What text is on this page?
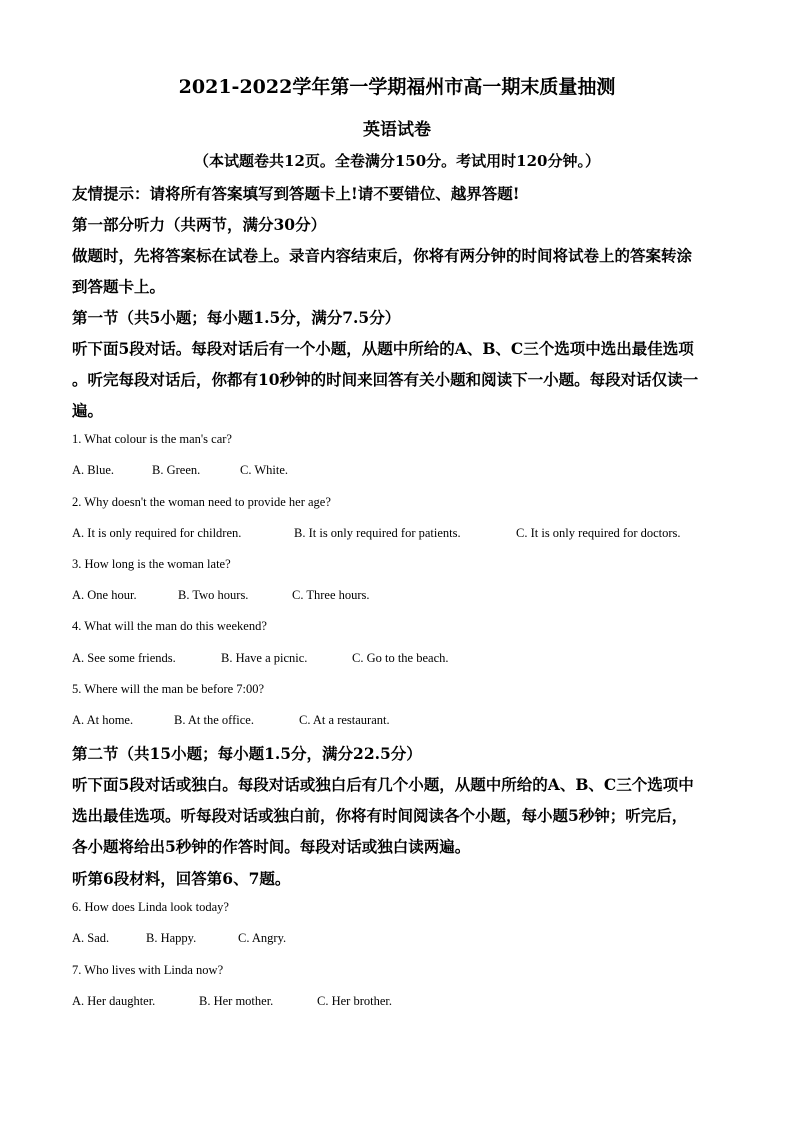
2021-2022学年第一学期福州市高一期末质量抽测
英语试卷
（本试题卷共12页。全卷满分150分。考试用时120分钟。）
友情提示：请将所有答案填写到答题卡上!请不要错位、越界答题!
第一部分听力（共两节，满分30分）
做题时，先将答案标在试卷上。录音内容结束后，你将有两分钟的时间将试卷上的答案转涂
到答题卡上。
第一节（共5小题；每小题1.5分，满分7.5分）
听下面5段对话。每段对话后有一个小题，从题中所给的A、B、C三个选项中选出最佳选项
。听完每段对话后，你都有10秒钟的时间来回答有关小题和阅读下一小题。每段对话仅读一
遍。
1. What colour is the man's car?
A. Blue.	B. Green.	C. White.
2. Why doesn't the woman need to provide her age?
A. It is only required for children.	B. It is only required for patients.	C. It is only required for doctors.
3. How long is the woman late?
A. One hour.	B. Two hours.	C. Three hours.
4. What will the man do this weekend?
A. See some friends.	B. Have a picnic.	C. Go to the beach.
5. Where will the man be before 7:00?
A. At home.	B. At the office.	C. At a restaurant.
第二节（共15小题；每小题1.5分，满分22.5分）
听下面5段对话或独白。每段对话或独白后有几个小题，从题中所给的A、B、C三个选项中
选出最佳选项。听每段对话或独白前，你将有时间阅读各个小题，每小题5秒钟；听完后，
各小题将给出5秒钟的作答时间。每段对话或独白读两遍。
听第6段材料，回答第6、7题。
6. How does Linda look today?
A. Sad.	B. Happy.	C. Angry.
7. Who lives with Linda now?
A. Her daughter.	B. Her mother.	C. Her brother.
